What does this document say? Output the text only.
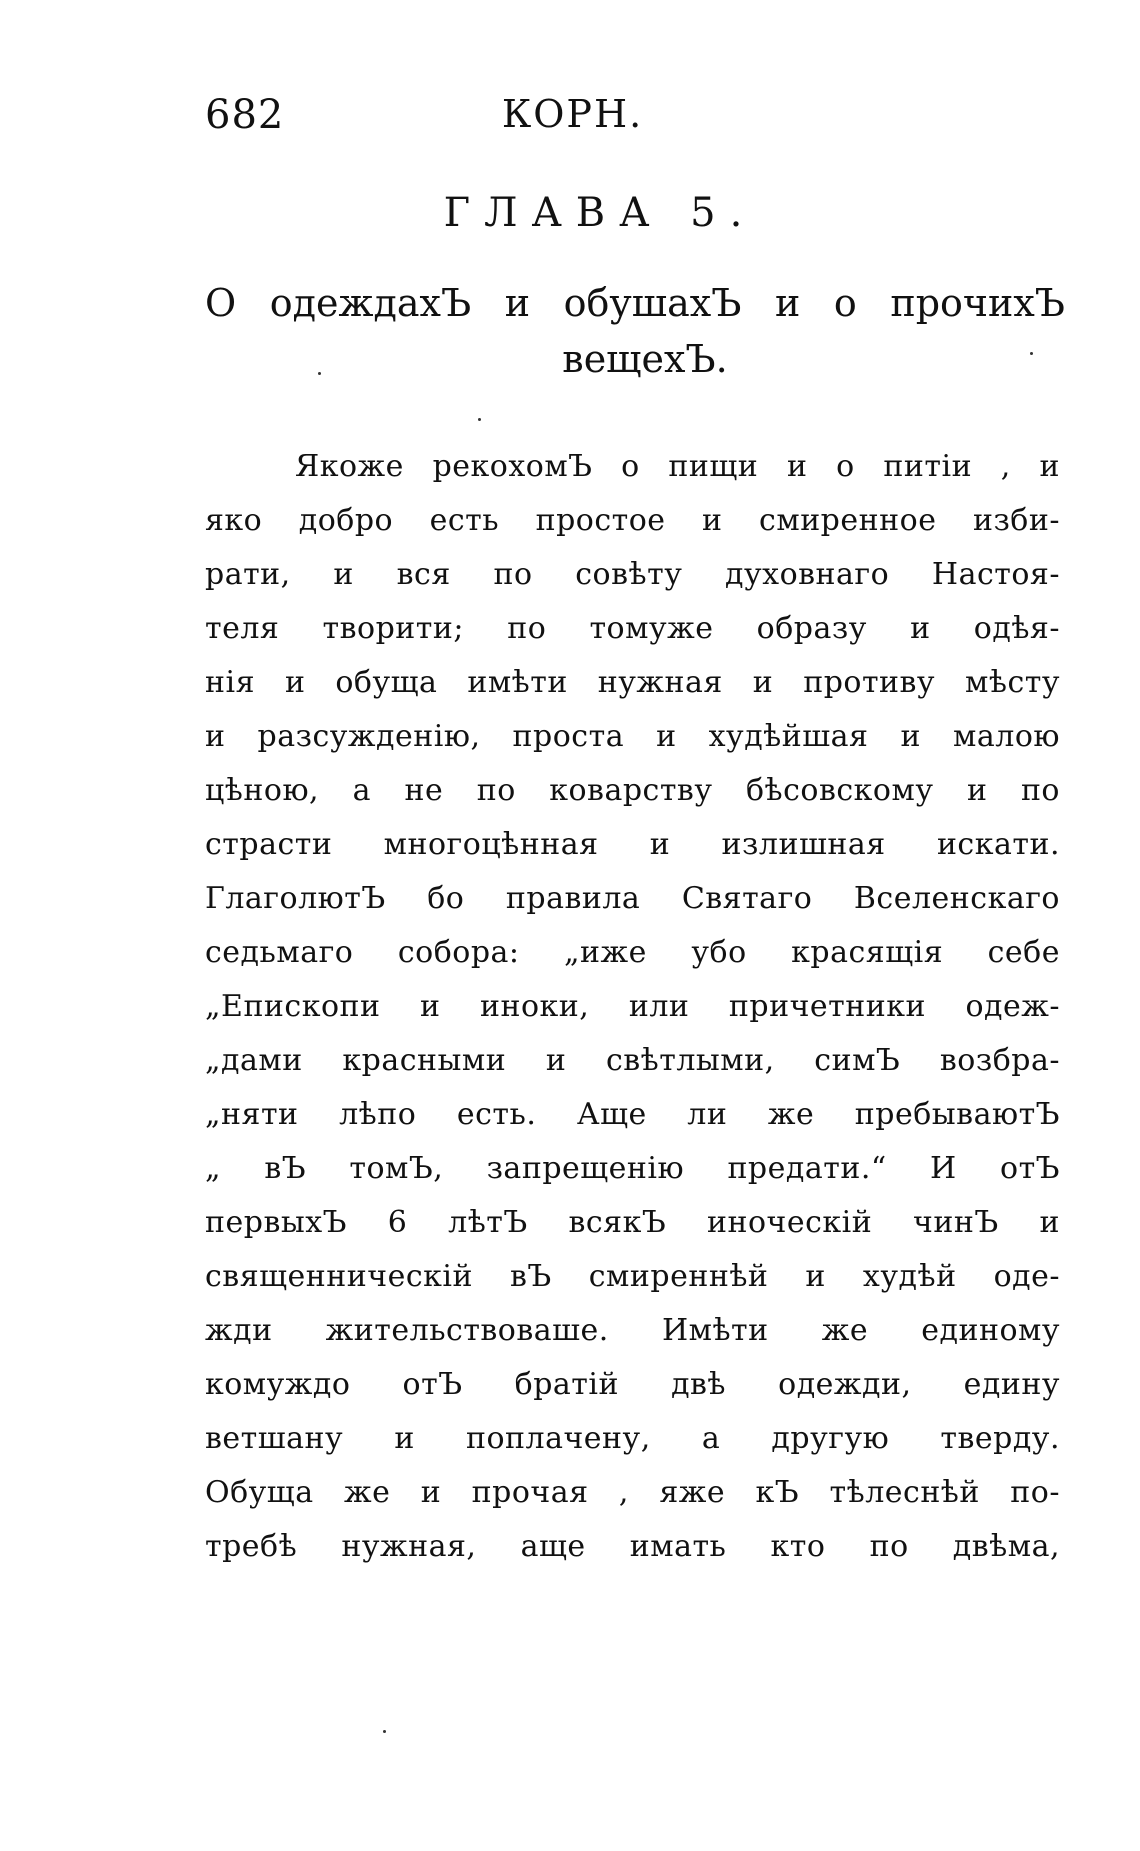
682	КОРН.
ГЛАВА 5.
О одеждахЪ и обушахЪ и о прочихЪ
вещехЪ.
Якоже рекохомЪ о пищи и о питіи , и
яко добро есть простое и смиренное изби-
рати, и вся по совѣту духовнаго Настоя-
теля творити; по томуже образу и одѣя-
нія и обуща имѣти нужная и противу мѣсту
и разсужденію, проста и худѣйшая и малою
цѣною, а не по коварству бѣсовскому и по
страсти многоцѣнная и излишная искати.
ГлаголютЪ бо правила Святаго Вселенскаго
седьмаго собора: „иже убо красящія себе
„Епископи и иноки, или причетники одеж-
„дами красными и свѣтлыми, симЪ возбра-
„няти лѣпо есть. Аще ли же пребываютЪ
„ вЪ томЪ, запрещенію предати.“ И отЪ
первыхЪ 6 лѣтЪ всякЪ иноческій чинЪ и
священническій вЪ смиреннѣй и худѣй оде-
жди жительствоваше. Имѣти же единому
комуждо отЪ братій двѣ одежди, едину
ветшану и поплачену, а другую тверду.
Обуща же и прочая , яже кЪ тѣлеснѣй по-
требѣ нужная, аще имать кто по двѣма,
